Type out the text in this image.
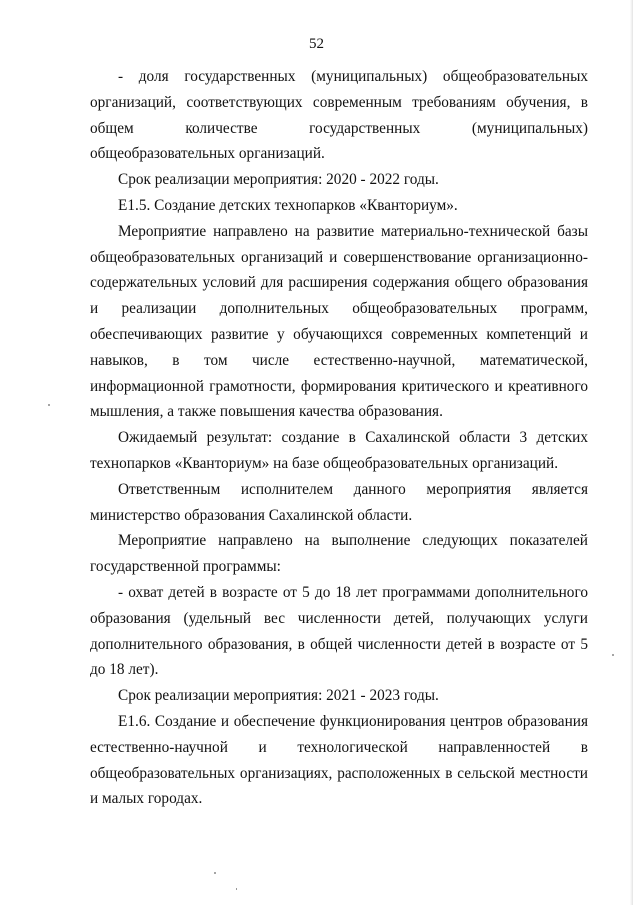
52

- доля государственных (муниципальных) общеобразовательных организаций, соответствующих современным требованиям обучения, в общем количестве государственных (муниципальных) общеобразовательных организаций.

Срок реализации мероприятия: 2020 - 2022 годы.

Е1.5. Создание детских технопарков «Кванториум».

Мероприятие направлено на развитие материально-технической базы общеобразовательных организаций и совершенствование организационно-содержательных условий для расширения содержания общего образования и реализации дополнительных общеобразовательных программ, обеспечивающих развитие у обучающихся современных компетенций и навыков, в том числе естественно-научной, математической, информационной грамотности, формирования критического и креативного мышления, а также повышения качества образования.

Ожидаемый результат: создание в Сахалинской области 3 детских технопарков «Кванториум» на базе общеобразовательных организаций.

Ответственным исполнителем данного мероприятия является министерство образования Сахалинской области.

Мероприятие направлено на выполнение следующих показателей государственной программы:

- охват детей в возрасте от 5 до 18 лет программами дополнительного образования (удельный вес численности детей, получающих услуги дополнительного образования, в общей численности детей в возрасте от 5 до 18 лет).

Срок реализации мероприятия: 2021 - 2023 годы.

Е1.6. Создание и обеспечение функционирования центров образования естественно-научной и технологической направленностей в общеобразовательных организациях, расположенных в сельской местности и малых городах.
